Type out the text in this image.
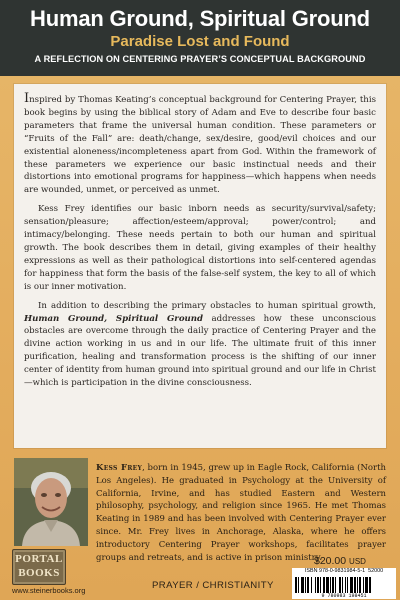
Human Ground, Spiritual Ground
Paradise Lost and Found
A REFLECTION ON CENTERING PRAYER’S CONCEPTUAL BACKGROUND

Inspired by Thomas Keating’s conceptual background for Centering Prayer, this book begins by using the biblical story of Adam and Eve to describe four basic parameters that frame the universal human condition. These parameters or “Fruits of the Fall” are: death/change, sex/desire, good/evil choices and our existential aloneness/incompleteness apart from God. Within the framework of these parameters we experience our basic instinctual needs and their distortions into emotional programs for happiness—which happens when needs are wounded, unmet, or perceived as unmet.

Kess Frey identifies our basic inborn needs as security/survival/safety; sensation/pleasure; affection/esteem/approval; power/control; and intimacy/belonging. These needs pertain to both our human and spiritual growth. The book describes them in detail, giving examples of their healthy expressions as well as their pathological distortions into self-centered agendas for happiness that form the basis of the false-self system, the key to all of which is our inner motivation.

In addition to describing the primary obstacles to human spiritual growth, Human Ground, Spiritual Ground addresses how these unconscious obstacles are overcome through the daily practice of Centering Prayer and the divine action working in us and in our life. The ultimate fruit of this inner purification, healing and transformation process is the shifting of our inner center of identity from human ground into spiritual ground and our life in Christ—which is participation in the divine consciousness.

Kess Frey, born in 1945, grew up in Eagle Rock, California (North Los Angeles). He graduated in Psychology at the University of California, Irvine, and has studied Eastern and Western philosophy, psychology, and religion since 1965. He met Thomas Keating in 1989 and has been involved with Centering Prayer ever since. Mr. Frey lives in Anchorage, Alaska, where he offers introductory Centering Prayer workshops, facilitates prayer groups and retreats, and is active in prison ministry.
PORTAL
BOOKS
www.steinerbooks.org	PRAYER / CHRISTIANITY
$20.00 USD
ISBN 978-0-9831984-5-1 52000
9 780983 198451
